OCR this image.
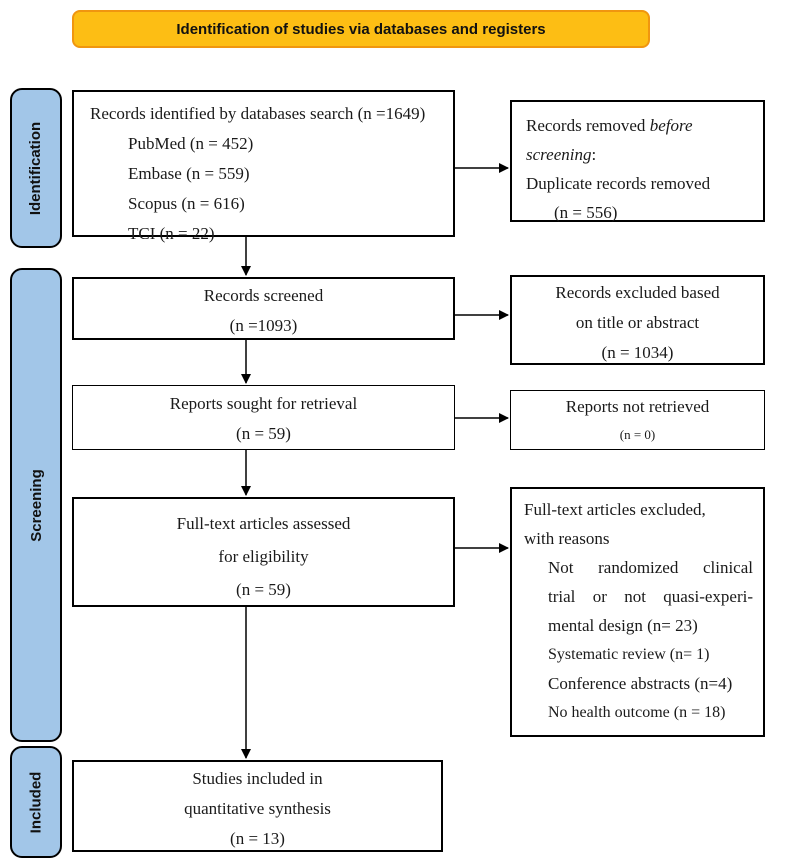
Identification of studies via databases and registers
Identification
Screening
Included
Records identified by databases search (n =1649)
PubMed (n = 452)
Embase (n = 559)
Scopus (n = 616)
TCI (n = 22)
Records screened
(n =1093)
Reports sought for retrieval
(n = 59)
Full-text articles assessed
for eligibility
(n = 59)
Studies included in
quantitative synthesis
(n = 13)
Records removed before
screening:
Duplicate records removed
(n = 556)
Records excluded based
on title or abstract
(n = 1034)
Reports not retrieved
(n = 0)
Full-text articles excluded,
with reasons
Not randomized clinical
trial or not quasi-experi-
mental design (n= 23)
Systematic review (n= 1)
Conference abstracts (n=4)
No health outcome (n = 18)
